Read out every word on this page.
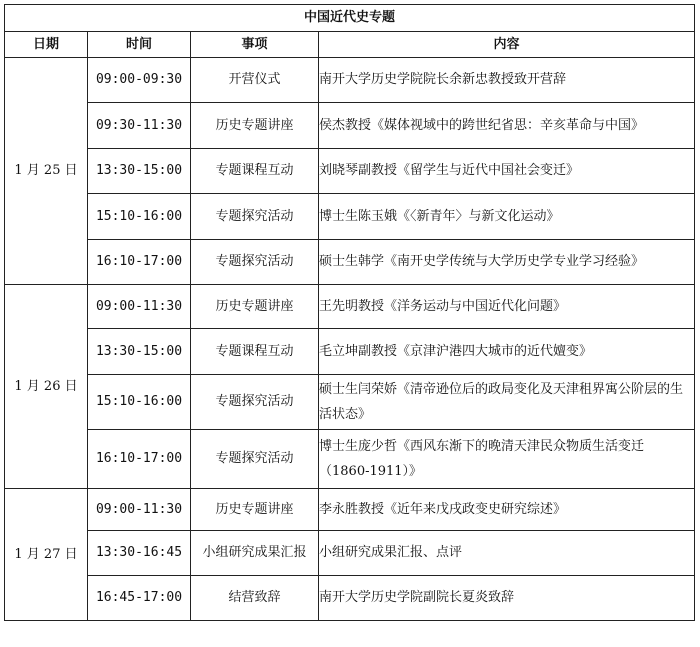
中国近代史专题			
日期	时间	事项	内容
1 月 25 日	09:00-09:30	开营仪式	南开大学历史学院院长余新忠教授致开营辞
	09:30-11:30	历史专题讲座	侯杰教授《媒体视域中的跨世纪省思：辛亥革命与中国》
	13:30-15:00	专题课程互动	刘晓琴副教授《留学生与近代中国社会变迁》
	15:10-16:00	专题探究活动	博士生陈玉娥《〈新青年〉与新文化运动》
	16:10-17:00	专题探究活动	硕士生韩学《南开史学传统与大学历史学专业学习经验》
1 月 26 日	09:00-11:30	历史专题讲座	王先明教授《洋务运动与中国近代化问题》
	13:30-15:00	专题课程互动	毛立坤副教授《京津沪港四大城市的近代嬗变》
	15:10-16:00	专题探究活动	硕士生闫荣娇《清帝逊位后的政局变化及天津租界寓公阶层的生活状态》
	16:10-17:00	专题探究活动	博士生庞少哲《西风东渐下的晚清天津民众物质生活变迁（1860-1911）》
1 月 27 日	09:00-11:30	历史专题讲座	李永胜教授《近年来戊戌政变史研究综述》
	13:30-16:45	小组研究成果汇报	小组研究成果汇报、点评
	16:45-17:00	结营致辞	南开大学历史学院副院长夏炎致辞
